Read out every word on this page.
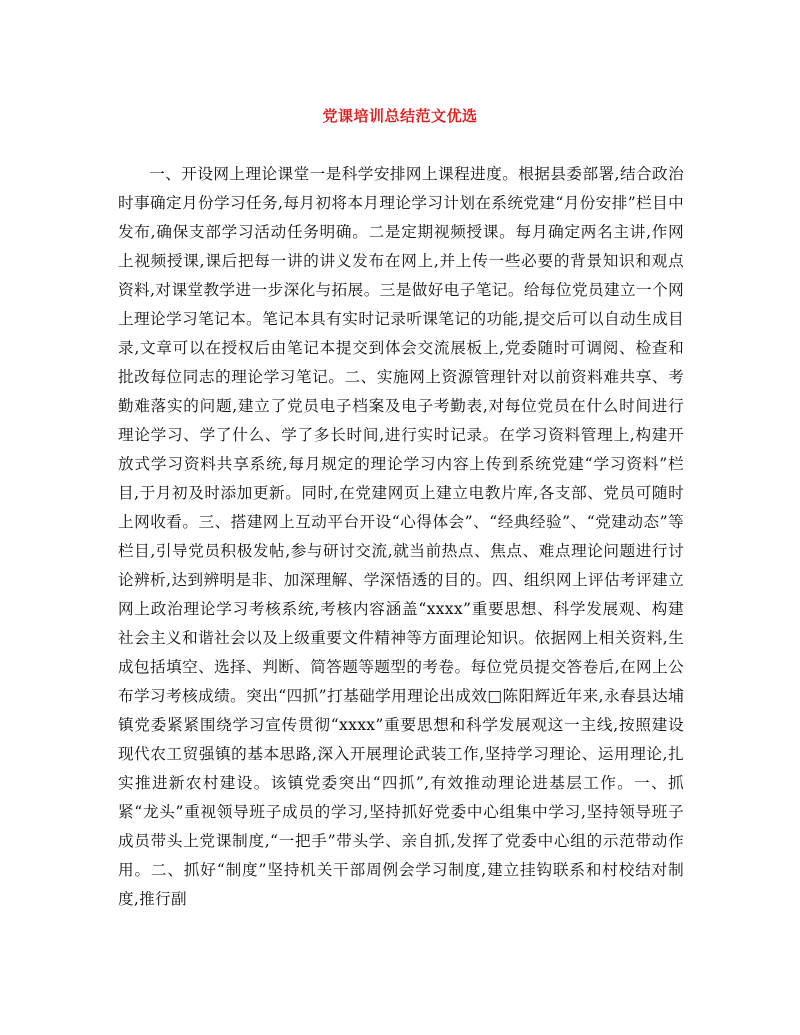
党课培训总结范文优选

一、开设网上理论课堂一是科学安排网上课程进度。根据县委部署,结合政治时事确定月份学习任务,每月初将本月理论学习计划在系统党建“月份安排”栏目中发布,确保支部学习活动任务明确。二是定期视频授课。每月确定两名主讲,作网上视频授课,课后把每一讲的讲义发布在网上,并上传一些必要的背景知识和观点资料,对课堂教学进一步深化与拓展。三是做好电子笔记。给每位党员建立一个网上理论学习笔记本。笔记本具有实时记录听课笔记的功能,提交后可以自动生成目录,文章可以在授权后由笔记本提交到体会交流展板上,党委随时可调阅、检查和批改每位同志的理论学习笔记。二、实施网上资源管理针对以前资料难共享、考勤难落实的问题,建立了党员电子档案及电子考勤表,对每位党员在什么时间进行理论学习、学了什么、学了多长时间,进行实时记录。在学习资料管理上,构建开放式学习资料共享系统,每月规定的理论学习内容上传到系统党建“学习资料”栏目,于月初及时添加更新。同时,在党建网页上建立电教片库,各支部、党员可随时上网收看。三、搭建网上互动平台开设“心得体会”、“经典经验”、“党建动态”等栏目,引导党员积极发帖,参与研讨交流,就当前热点、焦点、难点理论问题进行讨论辨析,达到辨明是非、加深理解、学深悟透的目的。四、组织网上评估考评建立网上政治理论学习考核系统,考核内容涵盖“xxxx”重要思想、科学发展观、构建社会主义和谐社会以及上级重要文件精神等方面理论知识。依据网上相关资料,生成包括填空、选择、判断、简答题等题型的考卷。每位党员提交答卷后,在网上公布学习考核成绩。突出“四抓”打基础学用理论出成效□陈阳辉近年来,永春县达埔镇党委紧紧围绕学习宣传贯彻“xxxx”重要思想和科学发展观这一主线,按照建设现代农工贸强镇的基本思路,深入开展理论武装工作,坚持学习理论、运用理论,扎实推进新农村建设。该镇党委突出“四抓”,有效推动理论进基层工作。一、抓紧“龙头”重视领导班子成员的学习,坚持抓好党委中心组集中学习,坚持领导班子成员带头上党课制度,“一把手”带头学、亲自抓,发挥了党委中心组的示范带动作用。二、抓好“制度”坚持机关干部周例会学习制度,建立挂钩联系和村校结对制度,推行副
